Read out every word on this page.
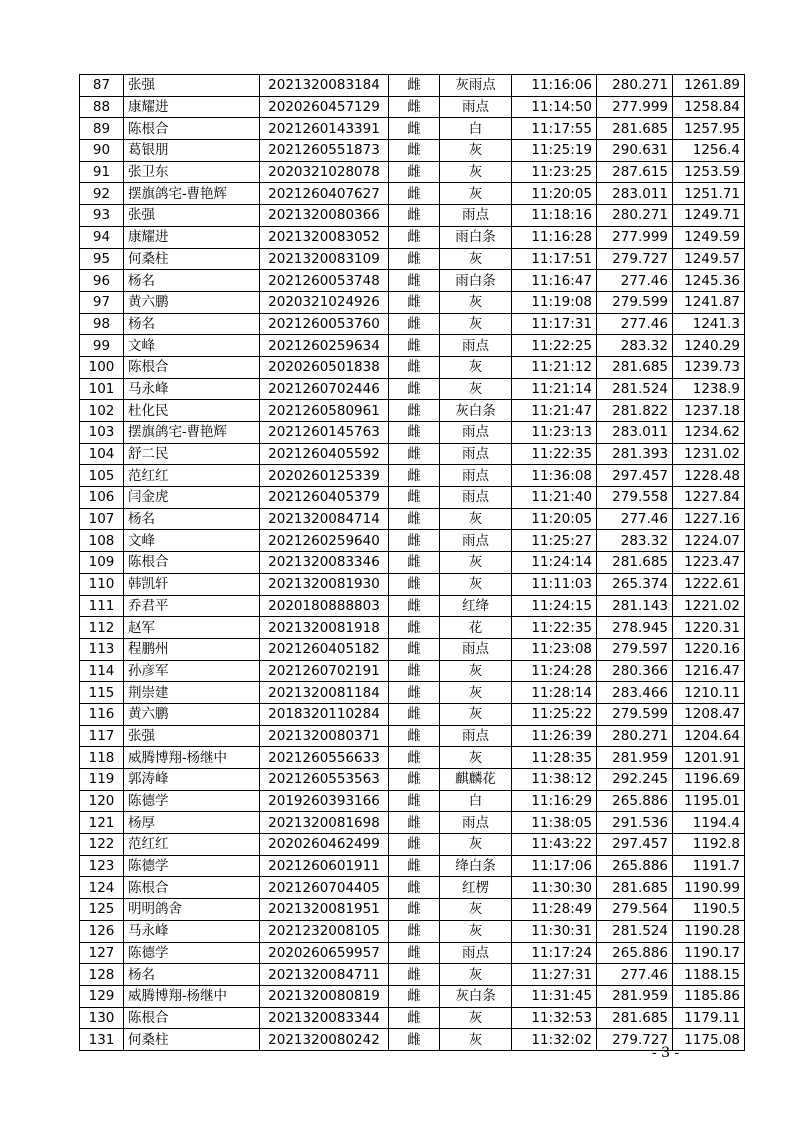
87	张强	2021320083184	雌	灰雨点	11:16:06	280.271	1261.89
88	康耀进	2020260457129	雌	雨点	11:14:50	277.999	1258.84
89	陈根合	2021260143391	雌	白	11:17:55	281.685	1257.95
90	葛银朋	2021260551873	雌	灰	11:25:19	290.631	1256.4
91	张卫东	2020321028078	雌	灰	11:23:25	287.615	1253.59
92	摆旗鸽宅-曹艳辉	2021260407627	雌	灰	11:20:05	283.011	1251.71
93	张强	2021320080366	雌	雨点	11:18:16	280.271	1249.71
94	康耀进	2021320083052	雌	雨白条	11:16:28	277.999	1249.59
95	何桑柱	2021320083109	雌	灰	11:17:51	279.727	1249.57
96	杨名	2021260053748	雌	雨白条	11:16:47	277.46	1245.36
97	黄六鹏	2020321024926	雌	灰	11:19:08	279.599	1241.87
98	杨名	2021260053760	雌	灰	11:17:31	277.46	1241.3
99	文峰	2021260259634	雌	雨点	11:22:25	283.32	1240.29
100	陈根合	2020260501838	雌	灰	11:21:12	281.685	1239.73
101	马永峰	2021260702446	雌	灰	11:21:14	281.524	1238.9
102	杜化民	2021260580961	雌	灰白条	11:21:47	281.822	1237.18
103	摆旗鸽宅-曹艳辉	2021260145763	雌	雨点	11:23:13	283.011	1234.62
104	舒二民	2021260405592	雌	雨点	11:22:35	281.393	1231.02
105	范红红	2020260125339	雌	雨点	11:36:08	297.457	1228.48
106	闫金虎	2021260405379	雌	雨点	11:21:40	279.558	1227.84
107	杨名	2021320084714	雌	灰	11:20:05	277.46	1227.16
108	文峰	2021260259640	雌	雨点	11:25:27	283.32	1224.07
109	陈根合	2021320083346	雌	灰	11:24:14	281.685	1223.47
110	韩凯轩	2021320081930	雌	灰	11:11:03	265.374	1222.61
111	乔君平	2020180888803	雌	红绛	11:24:15	281.143	1221.02
112	赵军	2021320081918	雌	花	11:22:35	278.945	1220.31
113	程鹏州	2021260405182	雌	雨点	11:23:08	279.597	1220.16
114	孙彦军	2021260702191	雌	灰	11:24:28	280.366	1216.47
115	荆崇建	2021320081184	雌	灰	11:28:14	283.466	1210.11
116	黄六鹏	2018320110284	雌	灰	11:25:22	279.599	1208.47
117	张强	2021320080371	雌	雨点	11:26:39	280.271	1204.64
118	威腾博翔-杨继中	2021260556633	雌	灰	11:28:35	281.959	1201.91
119	郭涛峰	2021260553563	雌	麒麟花	11:38:12	292.245	1196.69
120	陈德学	2019260393166	雌	白	11:16:29	265.886	1195.01
121	杨厚	2021320081698	雌	雨点	11:38:05	291.536	1194.4
122	范红红	2020260462499	雌	灰	11:43:22	297.457	1192.8
123	陈德学	2021260601911	雌	绛白条	11:17:06	265.886	1191.7
124	陈根合	2021260704405	雌	红楞	11:30:30	281.685	1190.99
125	明明鸽舍	2021320081951	雌	灰	11:28:49	279.564	1190.5
126	马永峰	2021232008105	雌	灰	11:30:31	281.524	1190.28
127	陈德学	2020260659957	雌	雨点	11:17:24	265.886	1190.17
128	杨名	2021320084711	雌	灰	11:27:31	277.46	1188.15
129	威腾博翔-杨继中	2021320080819	雌	灰白条	11:31:45	281.959	1185.86
130	陈根合	2021320083344	雌	灰	11:32:53	281.685	1179.11
131	何桑柱	2021320080242	雌	灰	11:32:02	279.727	1175.08
- 3 -
